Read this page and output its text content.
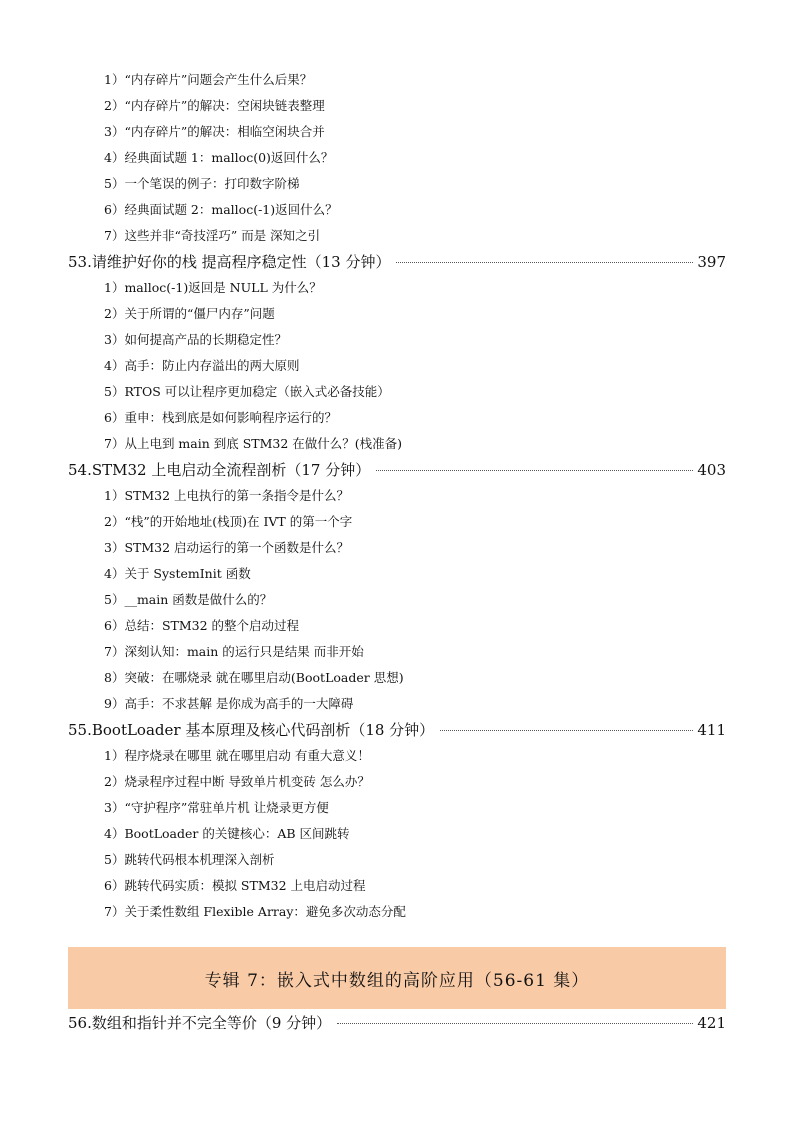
1）“内存碎片”问题会产生什么后果？
2）“内存碎片”的解决：空闲块链表整理
3）“内存碎片”的解决：相临空闲块合并
4）经典面试题 1：malloc(0)返回什么？
5）一个笔误的例子：打印数字阶梯
6）经典面试题 2：malloc(-1)返回什么？
7）这些并非“奇技淫巧” 而是 深知之引
53.请维护好你的栈 提高程序稳定性（13 分钟）	397
1）malloc(-1)返回是 NULL 为什么？
2）关于所谓的“僵尸内存”问题
3）如何提高产品的长期稳定性？
4）高手：防止内存溢出的两大原则
5）RTOS 可以让程序更加稳定（嵌入式必备技能）
6）重申：栈到底是如何影响程序运行的？
7）从上电到 main 到底 STM32 在做什么？(栈准备)
54.STM32 上电启动全流程剖析（17 分钟）	403
1）STM32 上电执行的第一条指令是什么？
2）“栈”的开始地址(栈顶)在 IVT 的第一个字
3）STM32 启动运行的第一个函数是什么？
4）关于 SystemInit 函数
5）__main 函数是做什么的？
6）总结：STM32 的整个启动过程
7）深刻认知：main 的运行只是结果 而非开始
8）突破：在哪烧录 就在哪里启动(BootLoader 思想)
9）高手：不求甚解 是你成为高手的一大障碍
55.BootLoader 基本原理及核心代码剖析（18 分钟）	411
1）程序烧录在哪里 就在哪里启动 有重大意义！
2）烧录程序过程中断 导致单片机变砖 怎么办？
3）“守护程序”常驻单片机 让烧录更方便
4）BootLoader 的关键核心：AB 区间跳转
5）跳转代码根本机理深入剖析
6）跳转代码实质：模拟 STM32 上电启动过程
7）关于柔性数组 Flexible Array：避免多次动态分配
专辑 7：嵌入式中数组的高阶应用（56-61 集）
56.数组和指针并不完全等价（9 分钟）	421
